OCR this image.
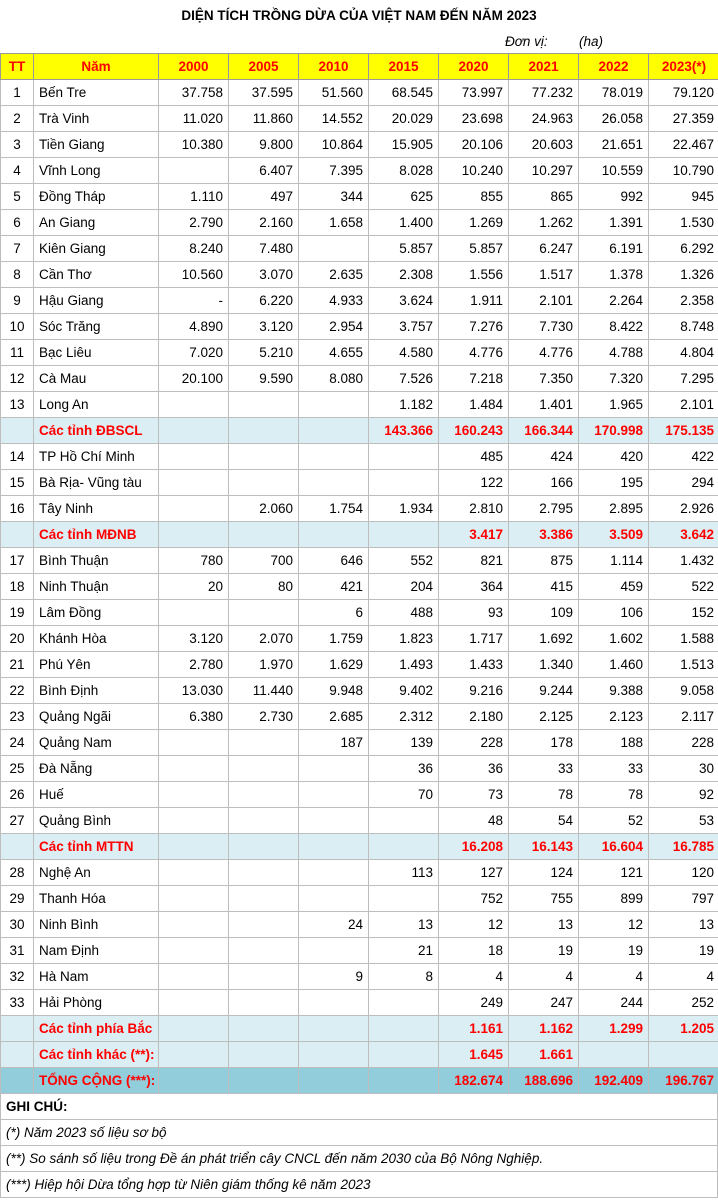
DIỆN TÍCH TRỒNG DỪA CỦA VIỆT NAM ĐẾN NĂM 2023
Đơn vị: (ha)
TT	Năm	2000	2005	2010	2015	2020	2021	2022	2023(*)
1	Bến Tre	37.758	37.595	51.560	68.545	73.997	77.232	78.019	79.120
2	Trà Vinh	11.020	11.860	14.552	20.029	23.698	24.963	26.058	27.359
3	Tiền Giang	10.380	9.800	10.864	15.905	20.106	20.603	21.651	22.467
4	Vĩnh Long		6.407	7.395	8.028	10.240	10.297	10.559	10.790
5	Đồng Tháp	1.110	497	344	625	855	865	992	945
6	An Giang	2.790	2.160	1.658	1.400	1.269	1.262	1.391	1.530
7	Kiên Giang	8.240	7.480		5.857	5.857	6.247	6.191	6.292
8	Cần Thơ	10.560	3.070	2.635	2.308	1.556	1.517	1.378	1.326
9	Hậu Giang	-	6.220	4.933	3.624	1.911	2.101	2.264	2.358
10	Sóc Trăng	4.890	3.120	2.954	3.757	7.276	7.730	8.422	8.748
11	Bạc Liêu	7.020	5.210	4.655	4.580	4.776	4.776	4.788	4.804
12	Cà Mau	20.100	9.590	8.080	7.526	7.218	7.350	7.320	7.295
13	Long An				1.182	1.484	1.401	1.965	2.101
	Các tỉnh ĐBSCL				143.366	160.243	166.344	170.998	175.135
14	TP Hồ Chí Minh					485	424	420	422
15	Bà Rịa- Vũng tàu					122	166	195	294
16	Tây Ninh		2.060	1.754	1.934	2.810	2.795	2.895	2.926
	Các tỉnh MĐNB					3.417	3.386	3.509	3.642
17	Bình Thuận	780	700	646	552	821	875	1.114	1.432
18	Ninh Thuận	20	80	421	204	364	415	459	522
19	Lâm Đồng			6	488	93	109	106	152
20	Khánh Hòa	3.120	2.070	1.759	1.823	1.717	1.692	1.602	1.588
21	Phú Yên	2.780	1.970	1.629	1.493	1.433	1.340	1.460	1.513
22	Bình Định	13.030	11.440	9.948	9.402	9.216	9.244	9.388	9.058
23	Quảng Ngãi	6.380	2.730	2.685	2.312	2.180	2.125	2.123	2.117
24	Quảng Nam			187	139	228	178	188	228
25	Đà Nẵng				36	36	33	33	30
26	Huế				70	73	78	78	92
27	Quảng Bình					48	54	52	53
	Các tỉnh MTTN					16.208	16.143	16.604	16.785
28	Nghệ An				113	127	124	121	120
29	Thanh Hóa					752	755	899	797
30	Ninh Bình			24	13	12	13	12	13
31	Nam Định				21	18	19	19	19
32	Hà Nam			9	8	4	4	4	4
33	Hải Phòng					249	247	244	252
	Các tỉnh phía Bắc					1.161	1.162	1.299	1.205
	Các tỉnh khác (**):					1.645	1.661		
	TỔNG CỘNG (***):					182.674	188.696	192.409	196.767
GHI CHÚ:
(*) Năm 2023 số liệu sơ bộ
(**) So sánh số liệu trong Đề án phát triển cây CNCL đến năm 2030 của Bộ Nông Nghiệp.
(***) Hiệp hội Dừa tổng hợp từ Niên giám thống kê năm 2023
